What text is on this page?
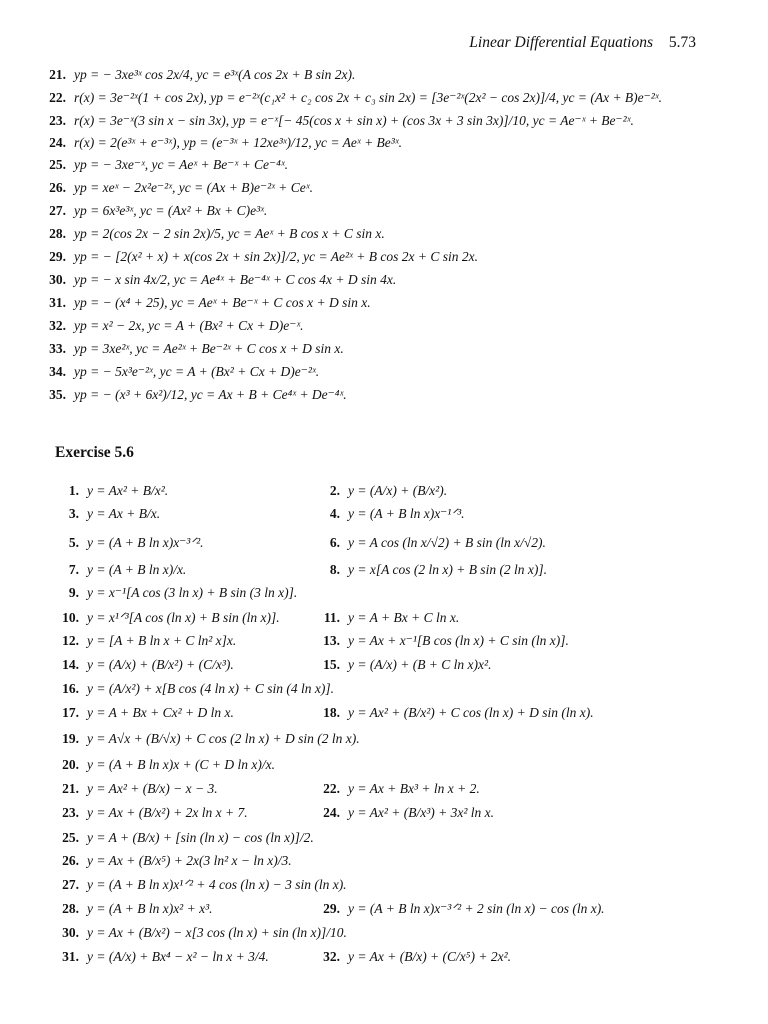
Linear Differential Equations 5.73
21. yp = − 3xe³ˣ cos 2x/4, yc = e³ˣ(A cos 2x + B sin 2x).
22. r(x) = 3e⁻²ˣ(1 + cos 2x), yp = e⁻²ˣ(c₁x² + c₂ cos 2x + c₃ sin 2x) = [3e⁻²ˣ(2x² − cos 2x)]/4, yc = (Ax + B)e⁻²ˣ.
23. r(x) = 3e⁻ˣ(3 sin x − sin 3x), yp = e⁻ˣ[− 45(cos x + sin x) + (cos 3x + 3 sin 3x)]/10, yc = Ae⁻ˣ + Be⁻²ˣ.
24. r(x) = 2(e³ˣ + e⁻³ˣ), yp = (e⁻³ˣ + 12xe³ˣ)/12, yc = Aeˣ + Be³ˣ.
25. yp = − 3xe⁻ˣ, yc = Aeˣ + Be⁻ˣ + Ce⁻⁴ˣ.
26. yp = xeˣ − 2x²e⁻²ˣ, yc = (Ax + B)e⁻²ˣ + Ceˣ.
27. yp = 6x³e³ˣ, yc = (Ax² + Bx + C)e³ˣ.
28. yp = 2(cos 2x − 2 sin 2x)/5, yc = Aeˣ + B cos x + C sin x.
29. yp = − [2(x² + x) + x(cos 2x + sin 2x)]/2, yc = Ae²ˣ + B cos 2x + C sin 2x.
30. yp = − x sin 4x/2, yc = Ae⁴ˣ + Be⁻⁴ˣ + C cos 4x + D sin 4x.
31. yp = − (x⁴ + 25), yc = Aeˣ + Be⁻ˣ + C cos x + D sin x.
32. yp = x² − 2x, yc = A + (Bx² + Cx + D)e⁻ˣ.
33. yp = 3xe²ˣ, yc = Ae²ˣ + Be⁻²ˣ + C cos x + D sin x.
34. yp = − 5x³e⁻²ˣ, yc = A + (Bx² + Cx + D)e⁻²ˣ.
35. yp = − (x³ + 6x²)/12, yc = Ax + B + Ce⁴ˣ + De⁻⁴ˣ.
Exercise 5.6
1. y = Ax² + B/x².	2. y = (A/x) + (B/x²).
3. y = Ax + B/x.	4. y = (A + B ln x)x⁻¹ᐟ³.
5. y = (A + B ln x)x⁻³ᐟ².	6. y = A cos (ln x/√2) + B sin (ln x/√2).
7. y = (A + B ln x)/x.	8. y = x[A cos (2 ln x) + B sin (2 ln x)].
9. y = x⁻¹[A cos (3 ln x) + B sin (3 ln x)].
10. y = x¹ᐟ³[A cos (ln x) + B sin (ln x)].	11. y = A + Bx + C ln x.
12. y = [A + B ln x + C ln² x]x.	13. y = Ax + x⁻¹[B cos (ln x) + C sin (ln x)].
14. y = (A/x) + (B/x²) + (C/x³).	15. y = (A/x) + (B + C ln x)x².
16. y = (A/x²) + x[B cos (4 ln x) + C sin (4 ln x)].
17. y = A + Bx + Cx² + D ln x.	18. y = Ax² + (B/x²) + C cos (ln x) + D sin (ln x).
19. y = A√x + (B/√x) + C cos (2 ln x) + D sin (2 ln x).
20. y = (A + B ln x)x + (C + D ln x)/x.
21. y = Ax² + (B/x) − x − 3.	22. y = Ax + Bx³ + ln x + 2.
23. y = Ax + (B/x²) + 2x ln x + 7.	24. y = Ax² + (B/x³) + 3x² ln x.
25. y = A + (B/x) + [sin (ln x) − cos (ln x)]/2.
26. y = Ax + (B/x⁵) + 2x(3 ln² x − ln x)/3.
27. y = (A + B ln x)x¹ᐟ² + 4 cos (ln x) − 3 sin (ln x).
28. y = (A + B ln x)x² + x³.	29. y = (A + B ln x)x⁻³ᐟ² + 2 sin (ln x) − cos (ln x).
30. y = Ax + (B/x²) − x[3 cos (ln x) + sin (ln x)]/10.
31. y = (A/x) + Bx⁴ − x² − ln x + 3/4.	32. y = Ax + (B/x) + (C/x⁵) + 2x².
